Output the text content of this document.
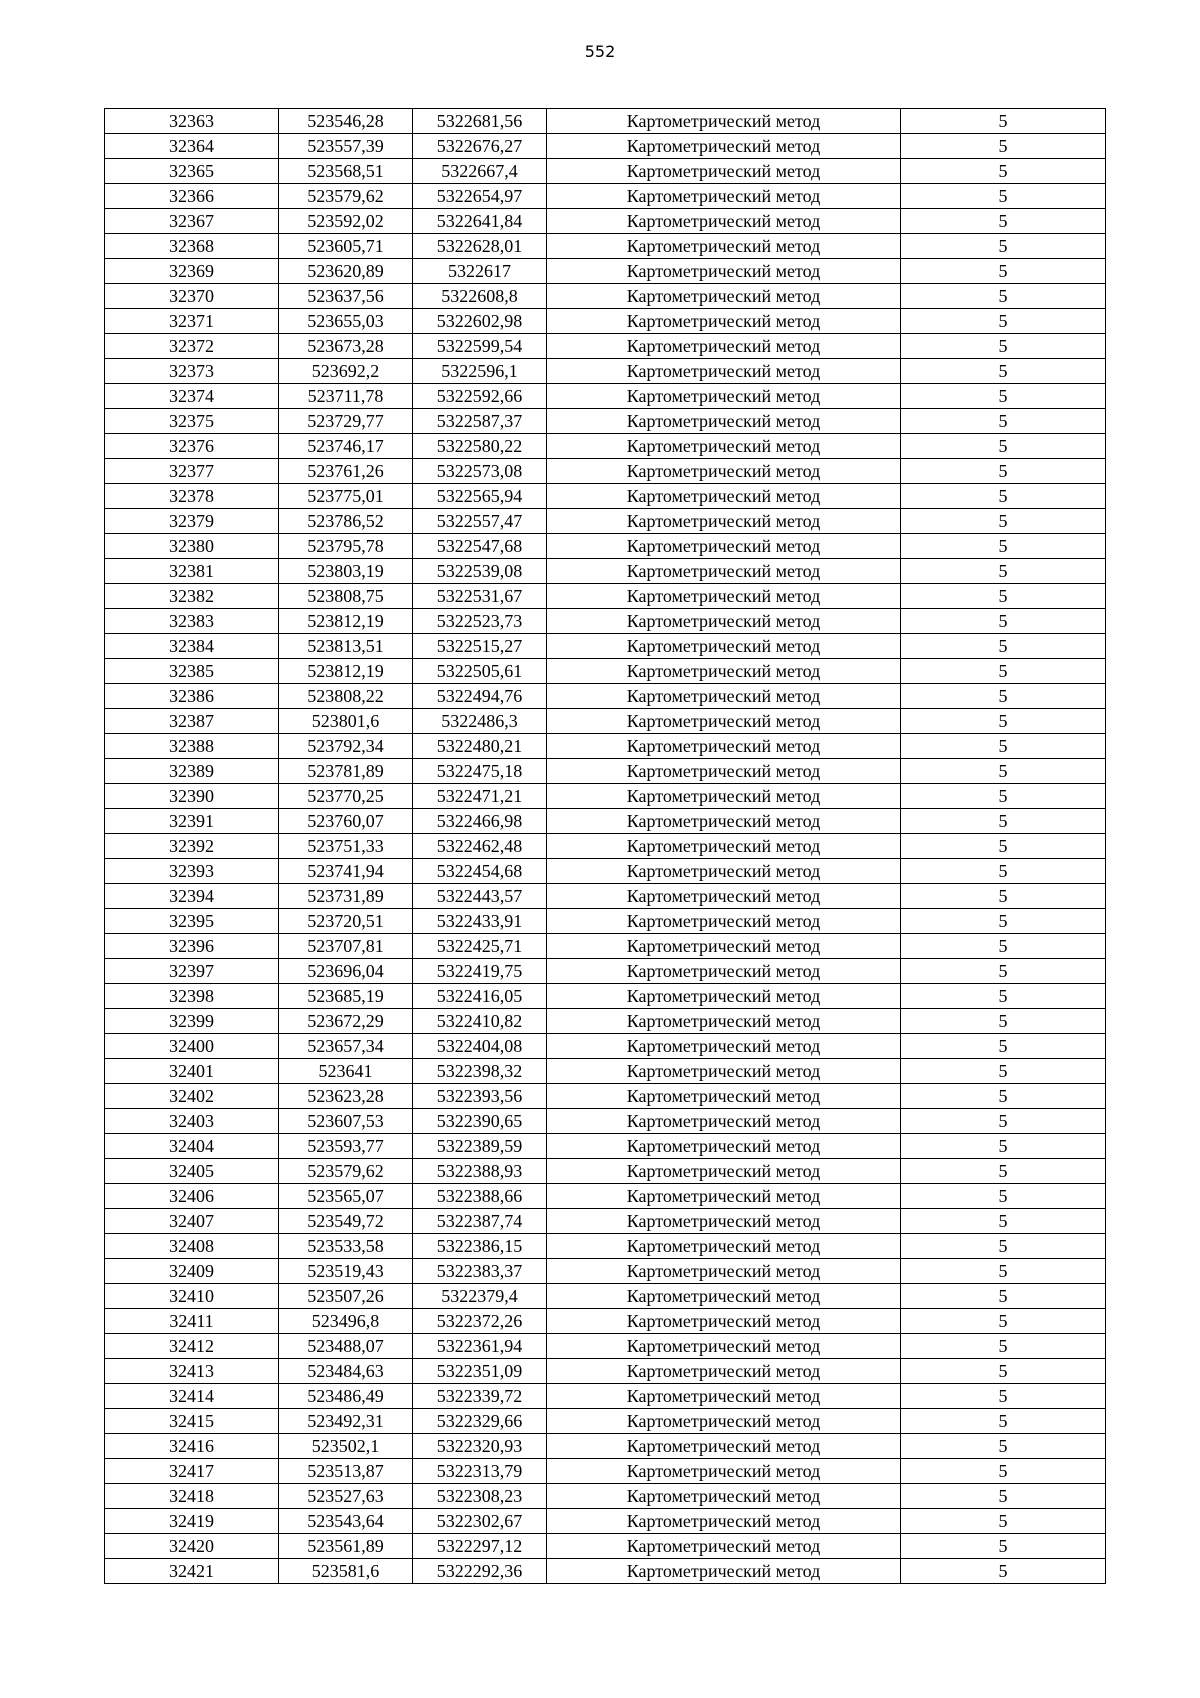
552
32363	523546,28	5322681,56	Картометрический метод	5
32364	523557,39	5322676,27	Картометрический метод	5
32365	523568,51	5322667,4	Картометрический метод	5
32366	523579,62	5322654,97	Картометрический метод	5
32367	523592,02	5322641,84	Картометрический метод	5
32368	523605,71	5322628,01	Картометрический метод	5
32369	523620,89	5322617	Картометрический метод	5
32370	523637,56	5322608,8	Картометрический метод	5
32371	523655,03	5322602,98	Картометрический метод	5
32372	523673,28	5322599,54	Картометрический метод	5
32373	523692,2	5322596,1	Картометрический метод	5
32374	523711,78	5322592,66	Картометрический метод	5
32375	523729,77	5322587,37	Картометрический метод	5
32376	523746,17	5322580,22	Картометрический метод	5
32377	523761,26	5322573,08	Картометрический метод	5
32378	523775,01	5322565,94	Картометрический метод	5
32379	523786,52	5322557,47	Картометрический метод	5
32380	523795,78	5322547,68	Картометрический метод	5
32381	523803,19	5322539,08	Картометрический метод	5
32382	523808,75	5322531,67	Картометрический метод	5
32383	523812,19	5322523,73	Картометрический метод	5
32384	523813,51	5322515,27	Картометрический метод	5
32385	523812,19	5322505,61	Картометрический метод	5
32386	523808,22	5322494,76	Картометрический метод	5
32387	523801,6	5322486,3	Картометрический метод	5
32388	523792,34	5322480,21	Картометрический метод	5
32389	523781,89	5322475,18	Картометрический метод	5
32390	523770,25	5322471,21	Картометрический метод	5
32391	523760,07	5322466,98	Картометрический метод	5
32392	523751,33	5322462,48	Картометрический метод	5
32393	523741,94	5322454,68	Картометрический метод	5
32394	523731,89	5322443,57	Картометрический метод	5
32395	523720,51	5322433,91	Картометрический метод	5
32396	523707,81	5322425,71	Картометрический метод	5
32397	523696,04	5322419,75	Картометрический метод	5
32398	523685,19	5322416,05	Картометрический метод	5
32399	523672,29	5322410,82	Картометрический метод	5
32400	523657,34	5322404,08	Картометрический метод	5
32401	523641	5322398,32	Картометрический метод	5
32402	523623,28	5322393,56	Картометрический метод	5
32403	523607,53	5322390,65	Картометрический метод	5
32404	523593,77	5322389,59	Картометрический метод	5
32405	523579,62	5322388,93	Картометрический метод	5
32406	523565,07	5322388,66	Картометрический метод	5
32407	523549,72	5322387,74	Картометрический метод	5
32408	523533,58	5322386,15	Картометрический метод	5
32409	523519,43	5322383,37	Картометрический метод	5
32410	523507,26	5322379,4	Картометрический метод	5
32411	523496,8	5322372,26	Картометрический метод	5
32412	523488,07	5322361,94	Картометрический метод	5
32413	523484,63	5322351,09	Картометрический метод	5
32414	523486,49	5322339,72	Картометрический метод	5
32415	523492,31	5322329,66	Картометрический метод	5
32416	523502,1	5322320,93	Картометрический метод	5
32417	523513,87	5322313,79	Картометрический метод	5
32418	523527,63	5322308,23	Картометрический метод	5
32419	523543,64	5322302,67	Картометрический метод	5
32420	523561,89	5322297,12	Картометрический метод	5
32421	523581,6	5322292,36	Картометрический метод	5
